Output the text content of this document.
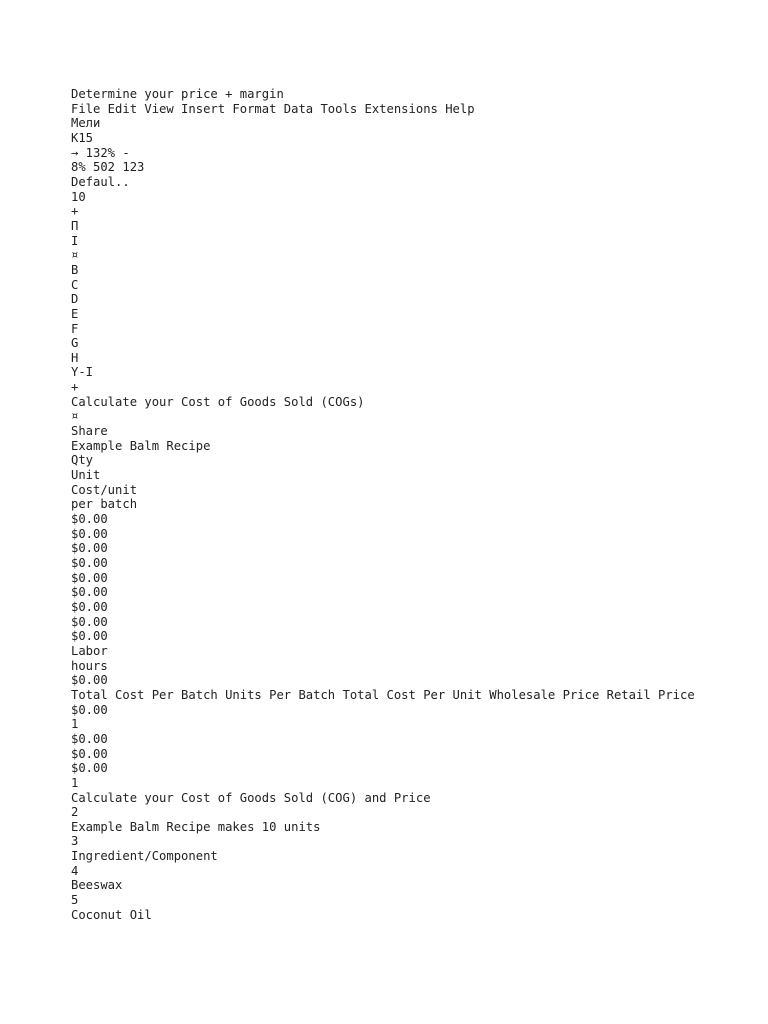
Determine your price + margin
File Edit View Insert Format Data Tools Extensions Help
Мели
K15
→ 132% -
8% 502 123
Defaul..
10
+
П
I
¤
B
C
D
E
F
G
H
Y-I
+
Calculate your Cost of Goods Sold (COGs)
¤
Share
Example Balm Recipe
Qty
Unit
Cost/unit
per batch
$0.00
$0.00
$0.00
$0.00
$0.00
$0.00
$0.00
$0.00
$0.00
Labor
hours
$0.00
Total Cost Per Batch Units Per Batch Total Cost Per Unit Wholesale Price Retail Price
$0.00
1
$0.00
$0.00
$0.00
1
Calculate your Cost of Goods Sold (COG) and Price
2
Example Balm Recipe makes 10 units
3
Ingredient/Component
4
Beeswax
5
Coconut Oil
